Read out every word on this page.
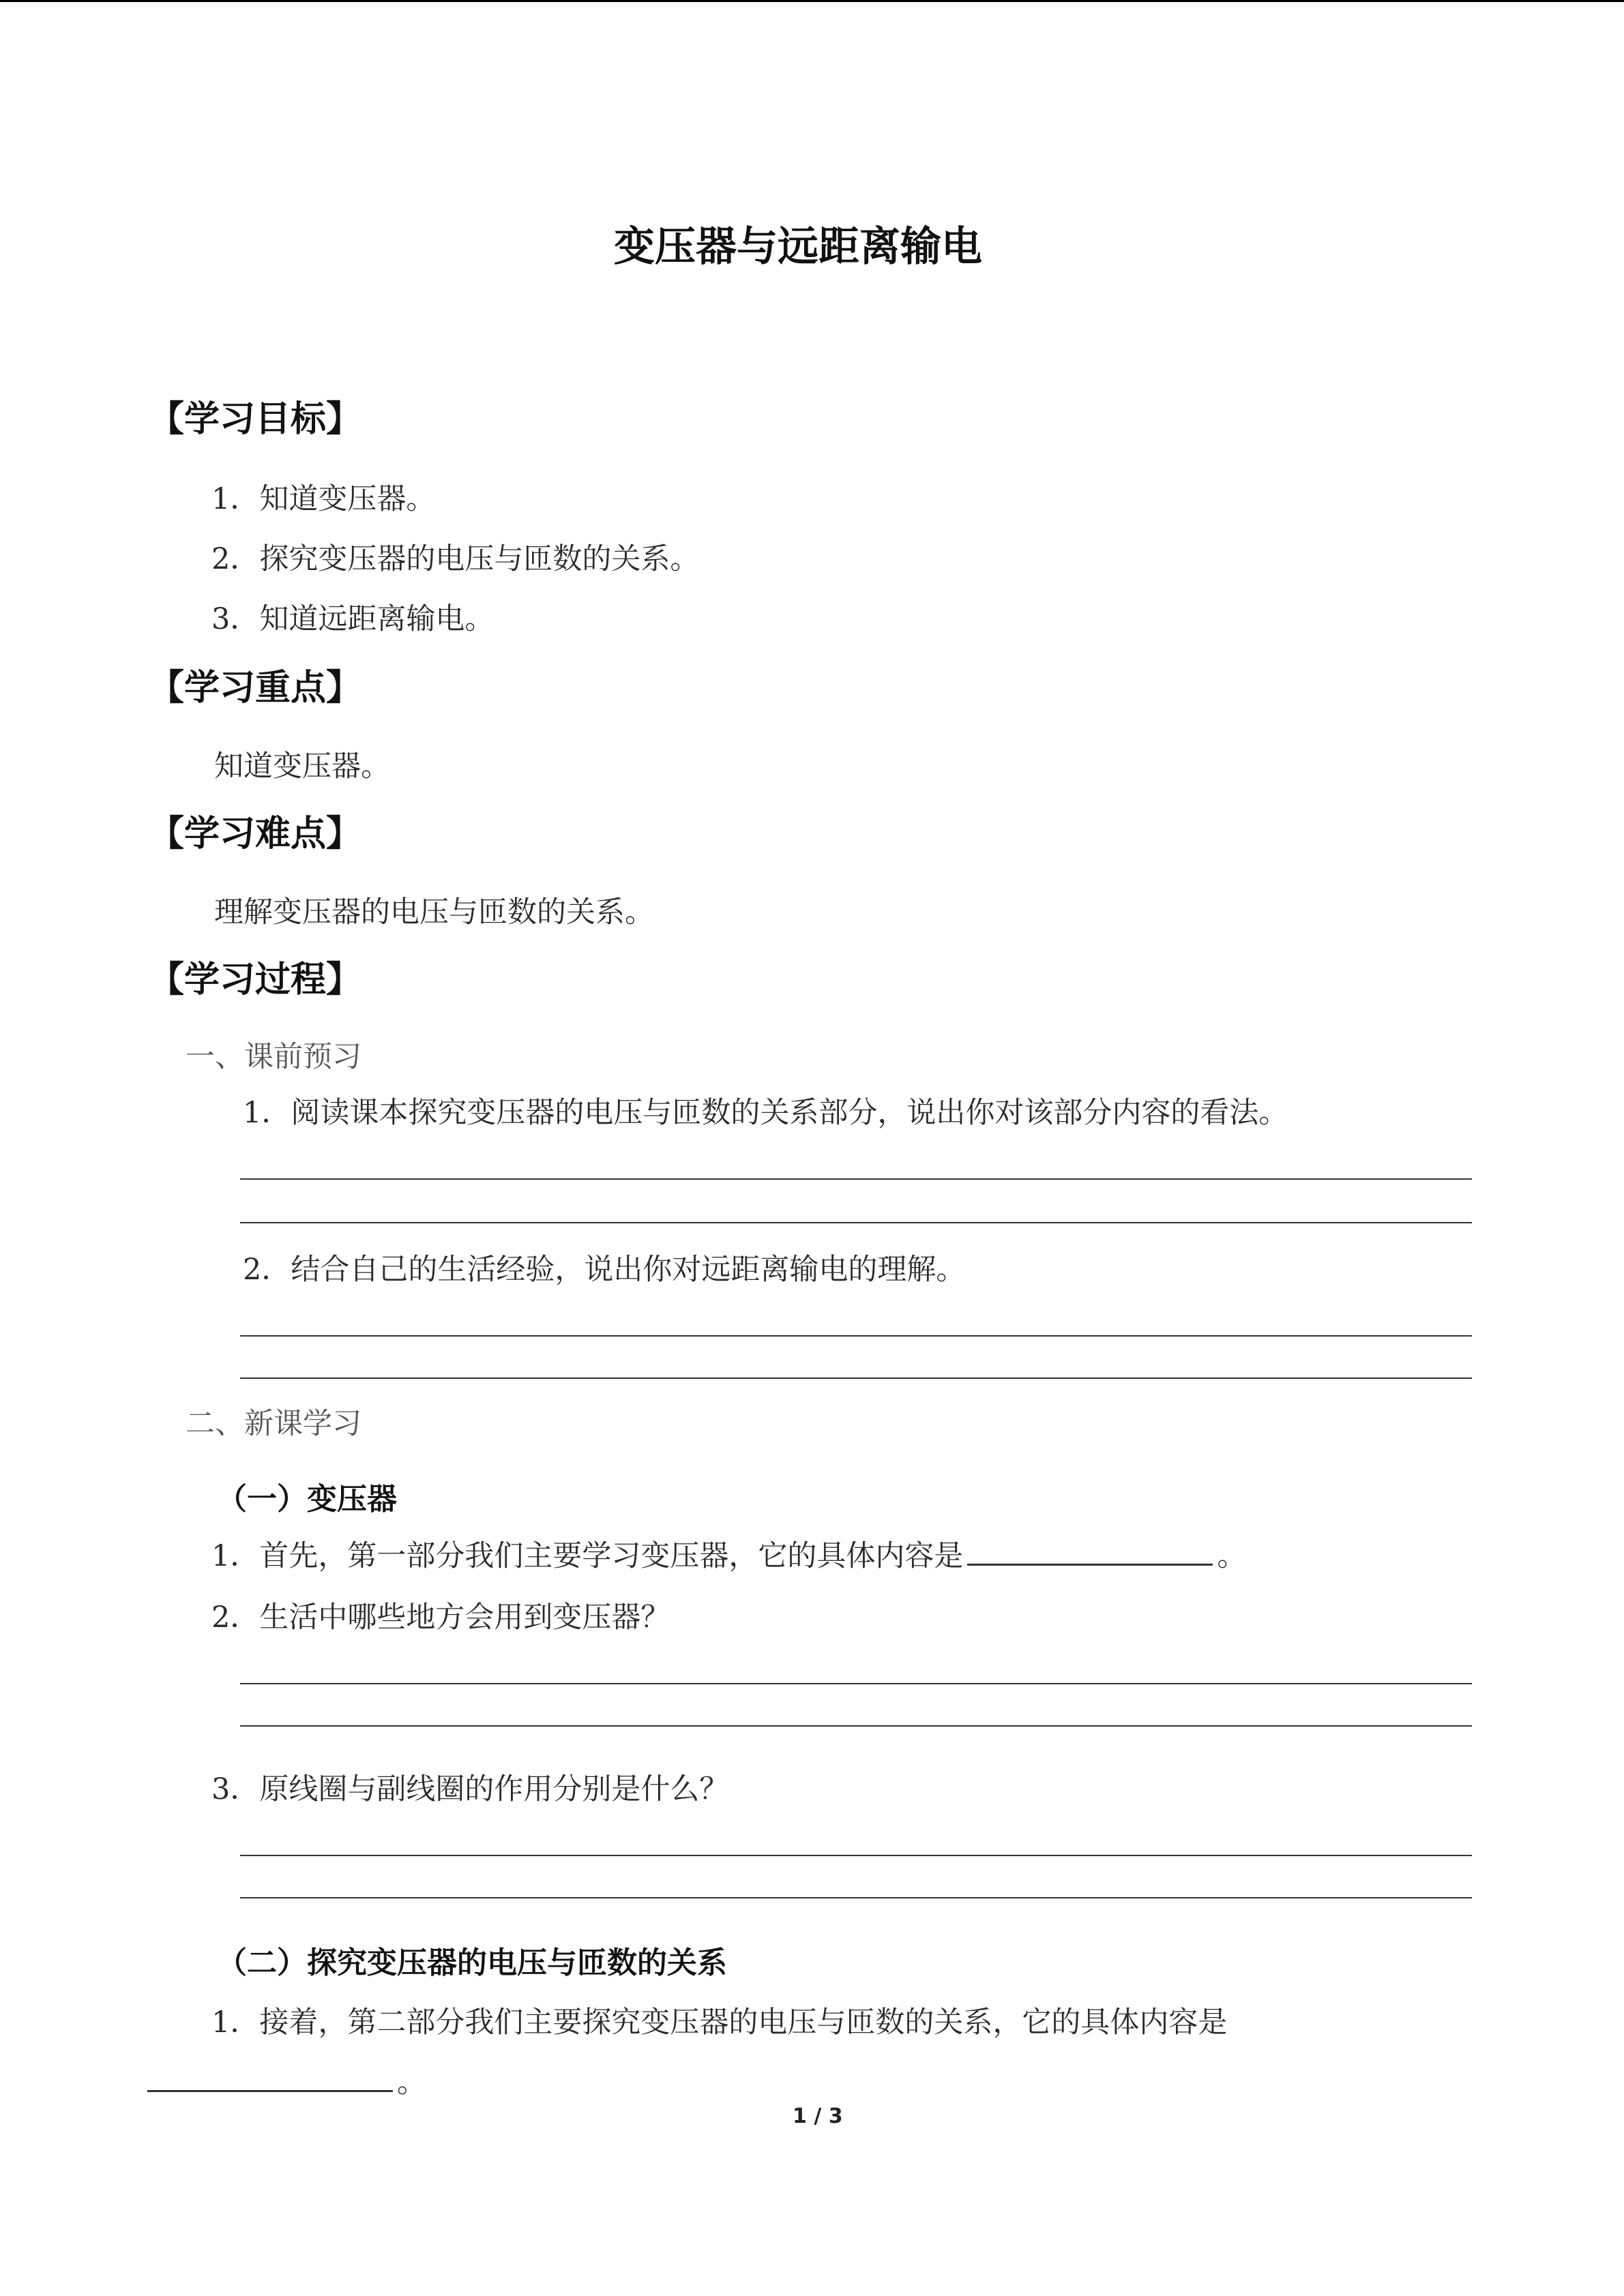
变压器与远距离输电
【学习目标】
1．知道变压器。
2．探究变压器的电压与匝数的关系。
3．知道远距离输电。
【学习重点】
知道变压器。
【学习难点】
理解变压器的电压与匝数的关系。
【学习过程】
一、课前预习
1．阅读课本探究变压器的电压与匝数的关系部分，说出你对该部分内容的看法。
2．结合自己的生活经验，说出你对远距离输电的理解。
二、新课学习
（一）变压器
1．首先，第一部分我们主要学习变压器，它的具体内容是	。
2．生活中哪些地方会用到变压器？
3．原线圈与副线圈的作用分别是什么？
（二）探究变压器的电压与匝数的关系
1．接着，第二部分我们主要探究变压器的电压与匝数的关系，它的具体内容是
。
1 / 3
